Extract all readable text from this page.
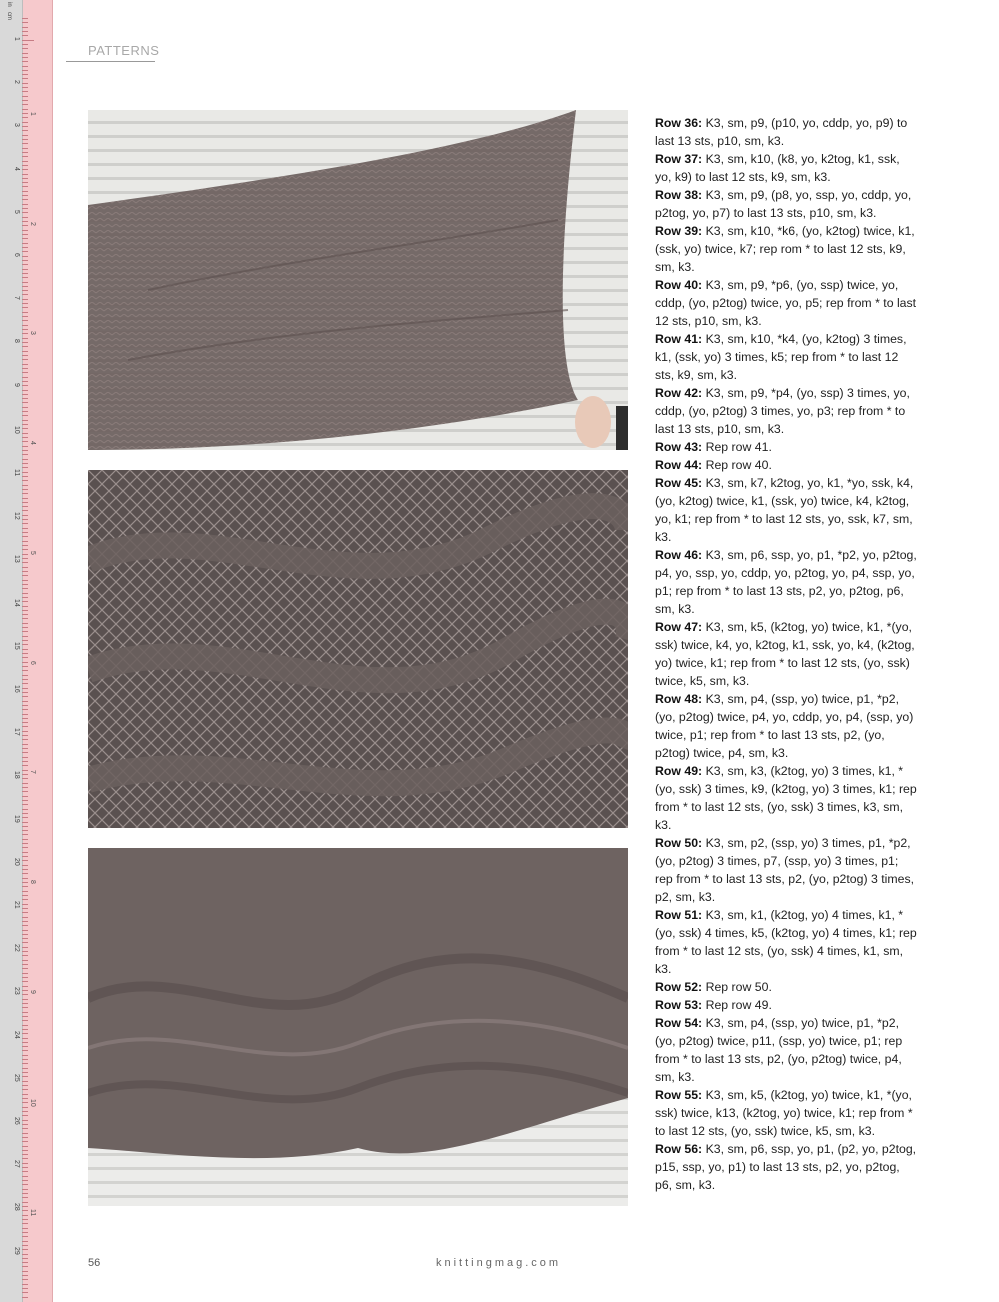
in
cm
1
2
3
4
5
6
7
8
9
10
11
12
13
14
15
16
17
18
19
20
21
22
23
24
25
26
27
28
29
1
2
3
4
5
6
7
8
9
10
11
PATTERNS

Row 36: K3, sm, p9, (p10, yo, cddp, yo, p9) to last 13 sts, p10, sm, k3.

Row 37: K3, sm, k10, (k8, yo, k2tog, k1, ssk, yo, k9) to last 12 sts, k9, sm, k3.

Row 38: K3, sm, p9, (p8, yo, ssp, yo, cddp, yo, p2tog, yo, p7) to last 13 sts, p10, sm, k3.

Row 39: K3, sm, k10, *k6, (yo, k2tog) twice, k1, (ssk, yo) twice, k7; rep rom * to last 12 sts, k9, sm, k3.

Row 40: K3, sm, p9, *p6, (yo, ssp) twice, yo, cddp, (yo, p2tog) twice, yo, p5; rep from * to last 12 sts, p10, sm, k3.

Row 41: K3, sm, k10, *k4, (yo, k2tog) 3 times, k1, (ssk, yo) 3 times, k5; rep from * to last 12 sts, k9, sm, k3.

Row 42: K3, sm, p9, *p4, (yo, ssp) 3 times, yo, cddp, (yo, p2tog) 3 times, yo, p3; rep from * to last 13 sts, p10, sm, k3.

Row 43: Rep row 41.

Row 44: Rep row 40.

Row 45: K3, sm, k7, k2tog, yo, k1, *yo, ssk, k4, (yo, k2tog) twice, k1, (ssk, yo) twice, k4, k2tog, yo, k1; rep from * to last 12 sts, yo, ssk, k7, sm, k3.

Row 46: K3, sm, p6, ssp, yo, p1, *p2, yo, p2tog, p4, yo, ssp, yo, cddp, yo, p2tog, yo, p4, ssp, yo, p1; rep from * to last 13 sts, p2, yo, p2tog, p6, sm, k3.

Row 47: K3, sm, k5, (k2tog, yo) twice, k1, *(yo, ssk) twice, k4, yo, k2tog, k1, ssk, yo, k4, (k2tog, yo) twice, k1; rep from * to last 12 sts, (yo, ssk) twice, k5, sm, k3.

Row 48: K3, sm, p4, (ssp, yo) twice, p1, *p2, (yo, p2tog) twice, p4, yo, cddp, yo, p4, (ssp, yo) twice, p1; rep from * to last 13 sts, p2, (yo, p2tog) twice, p4, sm, k3.

Row 49: K3, sm, k3, (k2tog, yo) 3 times, k1, *(yo, ssk) 3 times, k9, (k2tog, yo) 3 times, k1; rep from * to last 12 sts, (yo, ssk) 3 times, k3, sm, k3.

Row 50: K3, sm, p2, (ssp, yo) 3 times, p1, *p2, (yo, p2tog) 3 times, p7, (ssp, yo) 3 times, p1; rep from * to last 13 sts, p2, (yo, p2tog) 3 times, p2, sm, k3.

Row 51: K3, sm, k1, (k2tog, yo) 4 times, k1, *(yo, ssk) 4 times, k5, (k2tog, yo) 4 times, k1; rep from * to last 12 sts, (yo, ssk) 4 times, k1, sm, k3.

Row 52: Rep row 50.

Row 53: Rep row 49.

Row 54: K3, sm, p4, (ssp, yo) twice, p1, *p2, (yo, p2tog) twice, p11, (ssp, yo) twice, p1; rep from * to last 13 sts, p2, (yo, p2tog) twice, p4, sm, k3.

Row 55: K3, sm, k5, (k2tog, yo) twice, k1, *(yo, ssk) twice, k13, (k2tog, yo) twice, k1; rep from * to last 12 sts, (yo, ssk) twice, k5, sm, k3.

Row 56: K3, sm, p6, ssp, yo, p1, (p2, yo, p2tog, p15, ssp, yo, p1) to last 13 sts, p2, yo, p2tog, p6, sm, k3.

56	knittingmag.com
